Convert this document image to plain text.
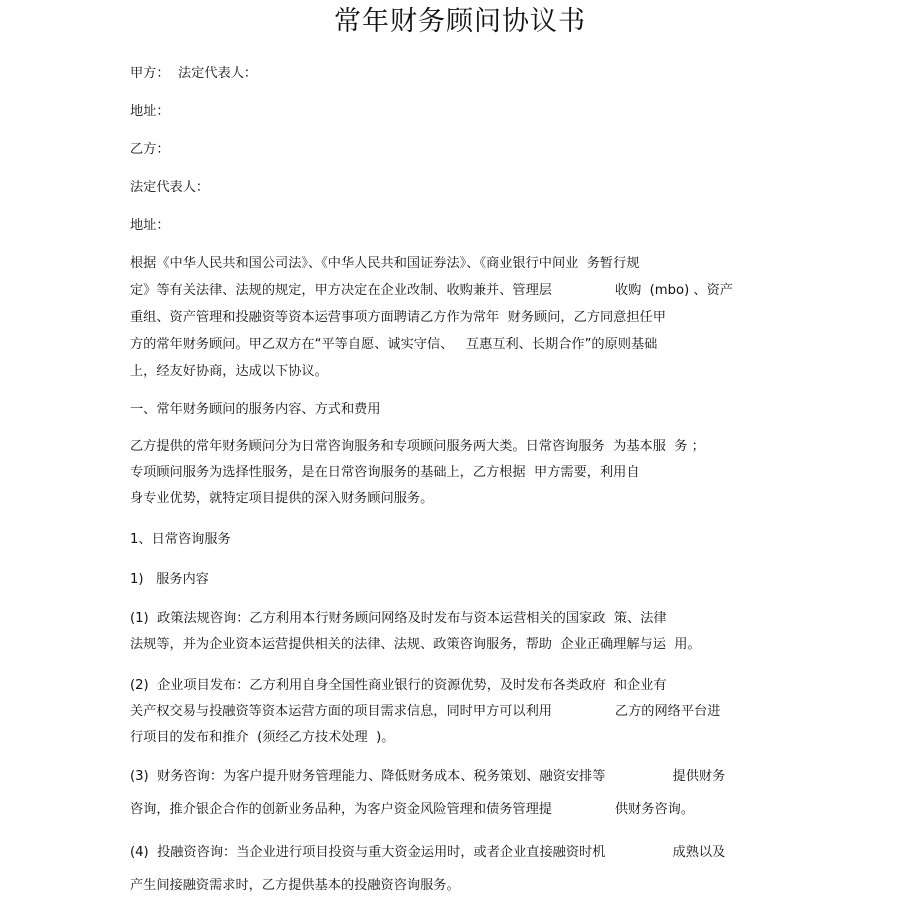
常年财务顾问协议书

甲方：  法定代表人：

地址：

乙方：

法定代表人：

地址：

根据《中华人民共和国公司法》、《中华人民共和国证券法》、《商业银行中间业  务暂行规

定》等有关法律、法规的规定，甲方决定在企业改制、收购兼并、管理层               收购  (mbo) 、资产

重组、资产管理和投融资等资本运营事项方面聘请乙方作为常年  财务顾问，乙方同意担任甲

方的常年财务顾问。甲乙双方在“平等自愿、诚实守信、   互惠互利、长期合作”的原则基础

上，经友好协商，达成以下协议。

一、常年财务顾问的服务内容、方式和费用

乙方提供的常年财务顾问分为日常咨询服务和专项顾问服务两大类。日常咨询服务  为基本服  务 ；

专项顾问服务为选择性服务，是在日常咨询服务的基础上，乙方根据  甲方需要，利用自

身专业优势，就特定项目提供的深入财务顾问服务。

1、日常咨询服务

1)   服务内容

(1)  政策法规咨询：乙方利用本行财务顾问网络及时发布与资本运营相关的国家政  策、法律

法规等，并为企业资本运营提供相关的法律、法规、政策咨询服务，帮助  企业正确理解与运  用。

(2)  企业项目发布：乙方利用自身全国性商业银行的资源优势，及时发布各类政府  和企业有

关产权交易与投融资等资本运营方面的项目需求信息，同时甲方可以利用               乙方的网络平台进

行项目的发布和推介  (须经乙方技术处理  )。

(3)  财务咨询：为客户提升财务管理能力、降低财务成本、税务策划、融资安排等                提供财务

咨询，推介银企合作的创新业务品种，为客户资金风险管理和债务管理提               供财务咨询。

(4)  投融资咨询：当企业进行项目投资与重大资金运用时，或者企业直接融资时机                成熟以及

产生间接融资需求时，乙方提供基本的投融资咨询服务。
